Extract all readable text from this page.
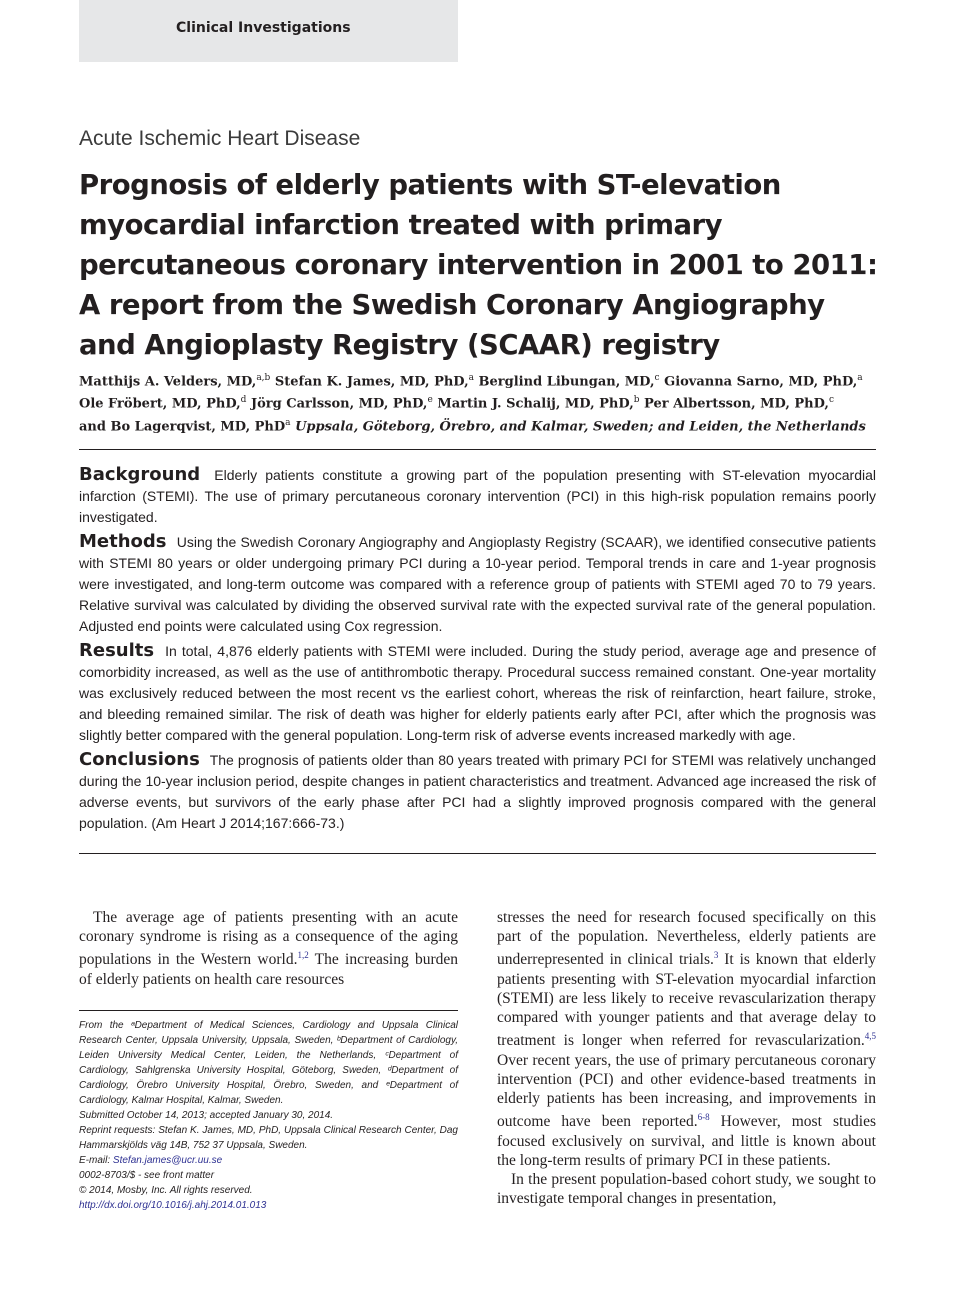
Clinical Investigations
Acute Ischemic Heart Disease
Prognosis of elderly patients with ST-elevation myocardial infarction treated with primary percutaneous coronary intervention in 2001 to 2011: A report from the Swedish Coronary Angiography and Angioplasty Registry (SCAAR) registry

Matthijs A. Velders, MD,$^{a,b}$ Stefan K. James, MD, PhD,$^a$ Berglind Libungan, MD,$^c$ Giovanna Sarno, MD, PhD,$^a$
Ole Fröbert, MD, PhD,$^d$ Jörg Carlsson, MD, PhD,$^e$ Martin J. Schalij, MD, PhD,$^b$ Per Albertsson, MD, PhD,$^c$
and Bo Lagerqvist, MD, PhD$^a$ Uppsala, Göteborg, Örebro, and Kalmar, Sweden; and Leiden, the Netherlands

Background Elderly patients constitute a growing part of the population presenting with ST-elevation myocardial infarction (STEMI). The use of primary percutaneous coronary intervention (PCI) in this high-risk population remains poorly investigated.

Methods Using the Swedish Coronary Angiography and Angioplasty Registry (SCAAR), we identified consecutive patients with STEMI 80 years or older undergoing primary PCI during a 10-year period. Temporal trends in care and 1-year prognosis were investigated, and long-term outcome was compared with a reference group of patients with STEMI aged 70 to 79 years. Relative survival was calculated by dividing the observed survival rate with the expected survival rate of the general population. Adjusted end points were calculated using Cox regression.

Results In total, 4,876 elderly patients with STEMI were included. During the study period, average age and presence of comorbidity increased, as well as the use of antithrombotic therapy. Procedural success remained constant. One-year mortality was exclusively reduced between the most recent vs the earliest cohort, whereas the risk of reinfarction, heart failure, stroke, and bleeding remained similar. The risk of death was higher for elderly patients early after PCI, after which the prognosis was slightly better compared with the general population. Long-term risk of adverse events increased markedly with age.

Conclusions The prognosis of patients older than 80 years treated with primary PCI for STEMI was relatively unchanged during the 10-year inclusion period, despite changes in patient characteristics and treatment. Advanced age increased the risk of adverse events, but survivors of the early phase after PCI had a slightly improved prognosis compared with the general population. (Am Heart J 2014;167:666-73.)

The average age of patients presenting with an acute coronary syndrome is rising as a consequence of the aging populations in the Western world.$^{1,2}$ The increasing burden of elderly patients on health care resources

From the ᵃDepartment of Medical Sciences, Cardiology and Uppsala Clinical Research Center, Uppsala University, Uppsala, Sweden, ᵇDepartment of Cardiology, Leiden University Medical Center, Leiden, the Netherlands, ᶜDepartment of Cardiology, Sahlgrenska University Hospital, Göteborg, Sweden, ᵈDepartment of Cardiology, Örebro University Hospital, Örebro, Sweden, and ᵉDepartment of Cardiology, Kalmar Hospital, Kalmar, Sweden.

Submitted October 14, 2013; accepted January 30, 2014.

Reprint requests: Stefan K. James, MD, PhD, Uppsala Clinical Research Center, Dag Hammarskjölds väg 14B, 752 37 Uppsala, Sweden.

E-mail: Stefan.james@ucr.uu.se

0002-8703/$ - see front matter

© 2014, Mosby, Inc. All rights reserved.

http://dx.doi.org/10.1016/j.ahj.2014.01.013

stresses the need for research focused specifically on this part of the population. Nevertheless, elderly patients are underrepresented in clinical trials.$^3$ It is known that elderly patients presenting with ST-elevation myocardial infarction (STEMI) are less likely to receive revascularization therapy compared with younger patients and that average delay to treatment is longer when referred for revascularization.$^{4,5}$ Over recent years, the use of primary percutaneous coronary intervention (PCI) and other evidence-based treatments in elderly patients has been increasing, and improvements in outcome have been reported.$^{6-8}$ However, most studies focused exclusively on survival, and little is known about the long-term results of primary PCI in these patients.

In the present population-based cohort study, we sought to investigate temporal changes in presentation,
